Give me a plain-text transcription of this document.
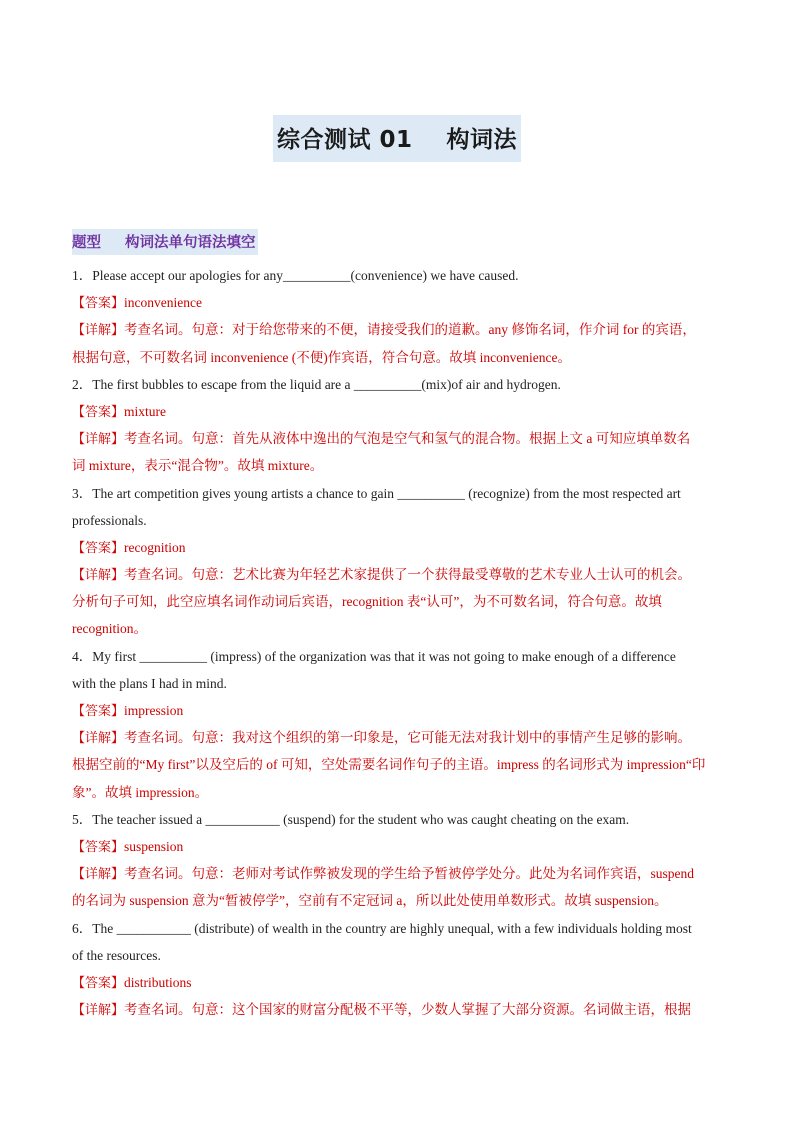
综合测试 01 构词法
题型 构词法单句语法填空
1．Please accept our apologies for any__________(convenience) we have caused.
【答案】inconvenience
【详解】考查名词。句意：对于给您带来的不便，请接受我们的道歉。any 修饰名词，作介词 for 的宾语，
根据句意，不可数名词 inconvenience (不便)作宾语，符合句意。故填 inconvenience。
2．The first bubbles to escape from the liquid are a __________(mix)of air and hydrogen.
【答案】mixture
【详解】考查名词。句意：首先从液体中逸出的气泡是空气和氢气的混合物。根据上文 a 可知应填单数名
词 mixture，表示“混合物”。故填 mixture。
3．The art competition gives young artists a chance to gain __________ (recognize) from the most respected art
professionals.
【答案】recognition
【详解】考查名词。句意：艺术比赛为年轻艺术家提供了一个获得最受尊敬的艺术专业人士认可的机会。
分析句子可知，此空应填名词作动词后宾语，recognition 表“认可”，为不可数名词，符合句意。故填
recognition。
4．My first __________ (impress) of the organization was that it was not going to make enough of a difference
with the plans I had in mind.
【答案】impression
【详解】考查名词。句意：我对这个组织的第一印象是，它可能无法对我计划中的事情产生足够的影响。
根据空前的“My first”以及空后的 of 可知，空处需要名词作句子的主语。impress 的名词形式为 impression“印
象”。故填 impression。
5．The teacher issued a ___________ (suspend) for the student who was caught cheating on the exam.
【答案】suspension
【详解】考查名词。句意：老师对考试作弊被发现的学生给予暂被停学处分。此处为名词作宾语，suspend
的名词为 suspension 意为“暂被停学”，空前有不定冠词 a，所以此处使用单数形式。故填 suspension。
6．The ___________ (distribute) of wealth in the country are highly unequal, with a few individuals holding most
of the resources.
【答案】distributions
【详解】考查名词。句意：这个国家的财富分配极不平等，少数人掌握了大部分资源。名词做主语，根据
